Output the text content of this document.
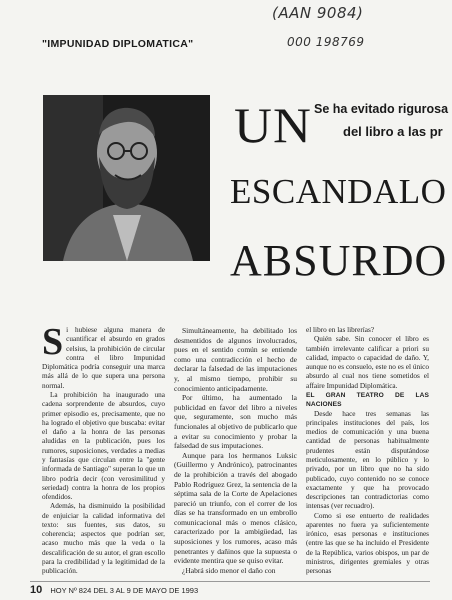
(AAN 9084)
000 198769
"IMPUNIDAD DIPLOMATICA"
UN Se ha evitado rigurosa
del libro a las pr
ESCANDALO
ABSURDO
S i hubiese alguna manera de cuantificar el absurdo en grados celsius, la prohibición de circular contra el libro Impunidad Diplomática podría conseguir una marca más allá de lo que supera una persona normal.

La prohibición ha inaugurado una cadena sorprendente de absurdos, cuyo primer episodio es, precisamente, que no ha logrado el objetivo que buscaba: evitar el daño a la honra de las personas aludidas en la publicación, pues los rumores, suposiciones, verdades a medias y fantasías que circulan entre la "gente informada de Santiago" superan lo que un libro podría decir (con verosimilitud y seriedad) contra la honra de los propios ofendidos.

Además, ha disminuido la posibilidad de enjuiciar la calidad informativa del texto: sus fuentes, sus datos, su coherencia; aspectos que podrían ser, acaso mucho más que la veda o la descalificación de su autor, el gran escollo para la credibilidad y la legitimidad de la publicación.

Simultáneamente, ha debilitado los desmentidos de algunos involucrados, pues en el sentido común se entiende como una contradicción el hecho de declarar la falsedad de las imputaciones y, al mismo tiempo, prohibir su conocimiento anticipadamente.

Por último, ha aumentado la publicidad en favor del libro a niveles que, seguramente, son mucho más funcionales al objetivo de publicarlo que a evitar su conocimiento y probar la falsedad de sus imputaciones.

Aunque para los hermanos Luksic (Guillermo y Andrónico), patrocinantes de la prohibición a través del abogado Pablo Rodríguez Grez, la sentencia de la séptima sala de la Corte de Apelaciones pareció un triunfo, con el correr de los días se ha transformado en un embrollo comunicacional más o menos clásico, caracterizado por la ambigüedad, las suposiciones y los rumores, acaso más penetrantes y dañinos que la supuesta o evidente mentira que se quiso evitar.

¿Habrá sido menor el daño con

el libro en las librerías?

Quién sabe. Sin conocer el libro es también irrelevante calificar a priori su calidad, impacto o capacidad de daño. Y, aunque no es consuelo, este no es el único absurdo al cual nos tiene sometidos el affaire Impunidad Diplomática.

EL GRAN TEATRO DE LAS NACIONES

Desde hace tres semanas las principales instituciones del país, los medios de comunicación y una buena cantidad de personas habitualmente prudentes están disputándose meticulosamente, en lo público y lo privado, por un libro que no ha sido publicado, cuyo contenido no se conoce exactamente y que ha provocado descripciones tan contradictorias como intensas (ver recuadro).

Como si ese entuerto de realidades aparentes no fuera ya suficientemente irónico, esas personas e instituciones (entre las que se ha incluido el Presidente de la República, varios obispos, un par de ministros, dirigentes gremiales y otras personas

10 HOY Nº 824 DEL 3 AL 9 DE MAYO DE 1993
